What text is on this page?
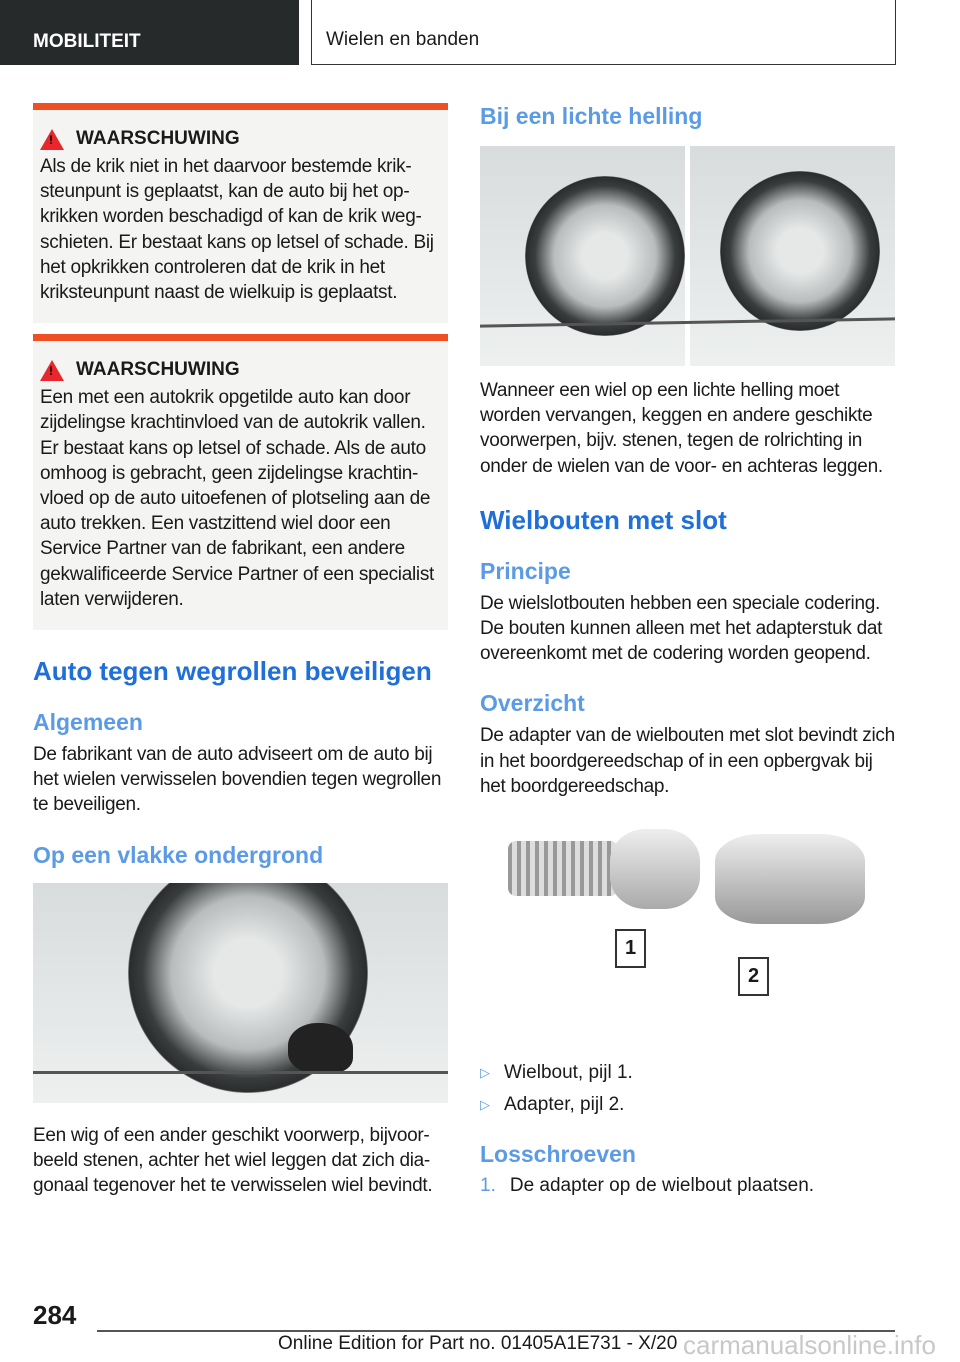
MOBILITEIT	Wielen en banden
!
WAARSCHUWING

Als de krik niet in het daarvoor bestemde kriksteunpunt is geplaatst, kan de auto bij het opkrikken worden beschadigd of kan de krik wegschieten. Er bestaat kans op letsel of schade. Bij het opkrikken controleren dat de krik in het kriksteunpunt naast de wielkuip is geplaatst.

!
WAARSCHUWING

Een met een autokrik opgetilde auto kan door zijdelingse krachtinvloed van de autokrik vallen. Er bestaat kans op letsel of schade. Als de auto omhoog is gebracht, geen zijdelingse krachtinvloed op de auto uitoefenen of plotseling aan de auto trekken. Een vastzittend wiel door een Service Partner van de fabrikant, een andere gekwalificeerde Service Partner of een specialist laten verwijderen.

Auto tegen wegrollen beveiligen
Algemeen

De fabrikant van de auto adviseert om de auto bij het wielen verwisselen bovendien tegen wegrollen te beveiligen.

Op een vlakke ondergrond

Een wig of een ander geschikt voorwerp, bijvoorbeeld stenen, achter het wiel leggen dat zich diagonaal tegenover het te verwisselen wiel bevindt.

Bij een lichte helling

Wanneer een wiel op een lichte helling moet worden vervangen, keggen en andere geschikte voorwerpen, bijv. stenen, tegen de rolrichting in onder de wielen van de voor- en achteras leggen.

Wielbouten met slot
Principe

De wielslotbouten hebben een speciale codering. De bouten kunnen alleen met het adapterstuk dat overeenkomt met de codering worden geopend.

Overzicht

De adapter van de wielbouten met slot bevindt zich in het boordgereedschap of in een opbergvak bij het boordgereedschap.

1
2
▷ Wielbout, pijl 1.
▷ Adapter, pijl 2.
Losschroeven
1. De adapter op de wielbout plaatsen.
284
Online Edition for Part no. 01405A1E731 - X/20 carmanualsonline.info
